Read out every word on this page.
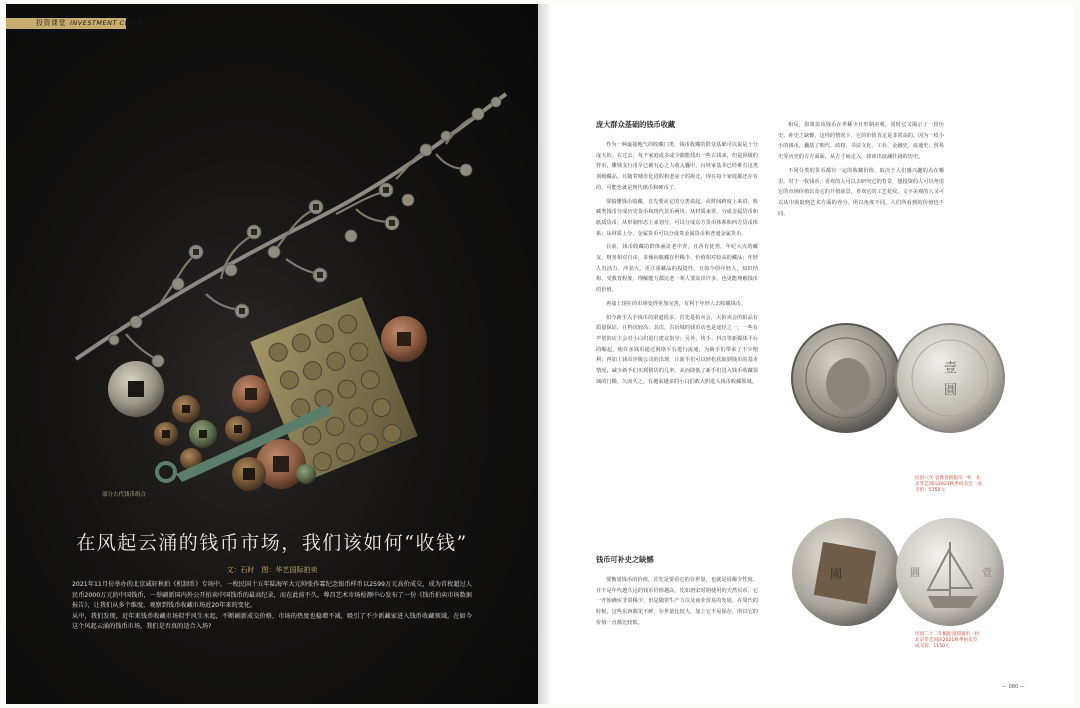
投资课堂 INVESTMENT CLASS
部分古代钱币组合
在风起云涌的钱币市场，我们该如何“收钱”
文：石时　图：华艺国际拍卖

2021年11月份举办的北京诚轩秋拍《机制币》专场中，一枚民国十五年陆海军大元帅张作霖纪念银币样币以2599万元高价成交，成为首枚超过人民币2000万元的中国钱币，一举刷新国内外公开拍卖中国钱币的最高纪录，而在此前不久，尊昌艺术市场检测中心发布了一份《钱币拍卖市场数据报告》，让我们从多个维度，观察到钱币收藏市场近20年来的变化。

从中，我们发现，近年来钱币收藏市场似乎风生水起，不断刷新成交价格，市场的热度也稳增不减，吸引了不少新藏家进入钱币收藏领域。在如今这个风起云涌的钱币市场，我们是否真的适合入场?

庞大群众基础的钱币收藏

作为一种最接地气的收藏门类，钱币收藏的群众基础可以说是十分庞大的。在过去，每个家庭或多或少都能找出一些古钱来，但是顶级的样币、雕钱支行币早已被有心之人收入囊中，百姓家基本已经难有这类顶级藏品。且随着城市化进程和老房子的拆迁，现在每个家庭都还存有的，可能也就是现代纸币和硬币了。

要搞懂钱币收藏，首先要从它的分类说起。从时间跨度上来讲，收藏类钱币分成历史货币和现代货币两块；从材质来讲，分成金属货币和纸质货币；从形制形态上来划分，可以分成东方货币体系和西方货币体系；从材质上分，金属货币可以分成贵金属货币和普通金属货币。

目前，钱币收藏的群体涵盖老中青，且各有优势。年纪大点的藏友，财务相对自由，多倾向收藏存世稀少、价值相对较高的藏品；年轻人有活力、冲劲大，更注重藏品的投资性。且如今的年轻人，知识结构、受教育程度、理解能力都比老一辈人要高出许多，也更能理解钱币的价值。

再加上现在的市场变得更加完善，有利于年轻人去收藏钱币。

如今新手入手钱币的渠道很多，首先是拍卖会，大拍卖会的拍品有质量保证，且档次较高；其次，古玩城的钱币店也是途径之一，一些有声望的店主会对小白们进行建议指导；另外，快手、抖音等新媒体平台的崛起，使许多钱币通过网络平台进行流通，为新手们带来了不少便利；再加上钱币评级公司的出现，让新手们可以轻松获取到钱币的基本情况，减少新手们买到假货的几率。从而降低了新手们进入钱币收藏领域的门槛，久而久之，有越来越多的小白们敢大胆进入钱币收藏领域。

钱币可补史之缺憾

要衡量钱币的价值，首先是要看它的存世量，也就是说稀少性度。并不是年代越久远的钱币价值越高，比如唐宋时期使用的天然贝币，它一开始确实非常稀少，但是随着生产力以及商业贸易的发展，在周代的时候，这些东西都见不鲜，存世量比较大，加上它不易保存，所以它的价值一直都比较低。

相反，如果说该钱币在世稀少且形制美观，同时它又揭示了一段历史、补史之缺憾，这样的情况下，它的价值肯定是非常高的。因为一枚小小的钱币，囊括了朝代、政权、书法文化、工业、金融史、流通史、贸易史等历史的方方面面，从方寸间走入，却读出波澜壮阔的历史。

不同分类的货币都有一定的收藏价值，取决于人们感兴趣的点在哪里。对于一枚钱币，喜欢的人可以去研究它的背景，想投资的人可以考虑它的市场价值以及它的升值前景，喜欢它的工艺花纹、文字美观的人又可以从中汲取到艺术方面的养分。所以角度不同，人们所看到的价值也不同。

壹
圓
民国八年 袁像壹圆银币一枚　北京华艺国际2021秋季拍卖会　成交价：5750元
國	壹
圓
民国二十二年帆船壹圆银币一枚　北京华艺国际2021秋季拍卖会　成交价：1150元
— 080 —
